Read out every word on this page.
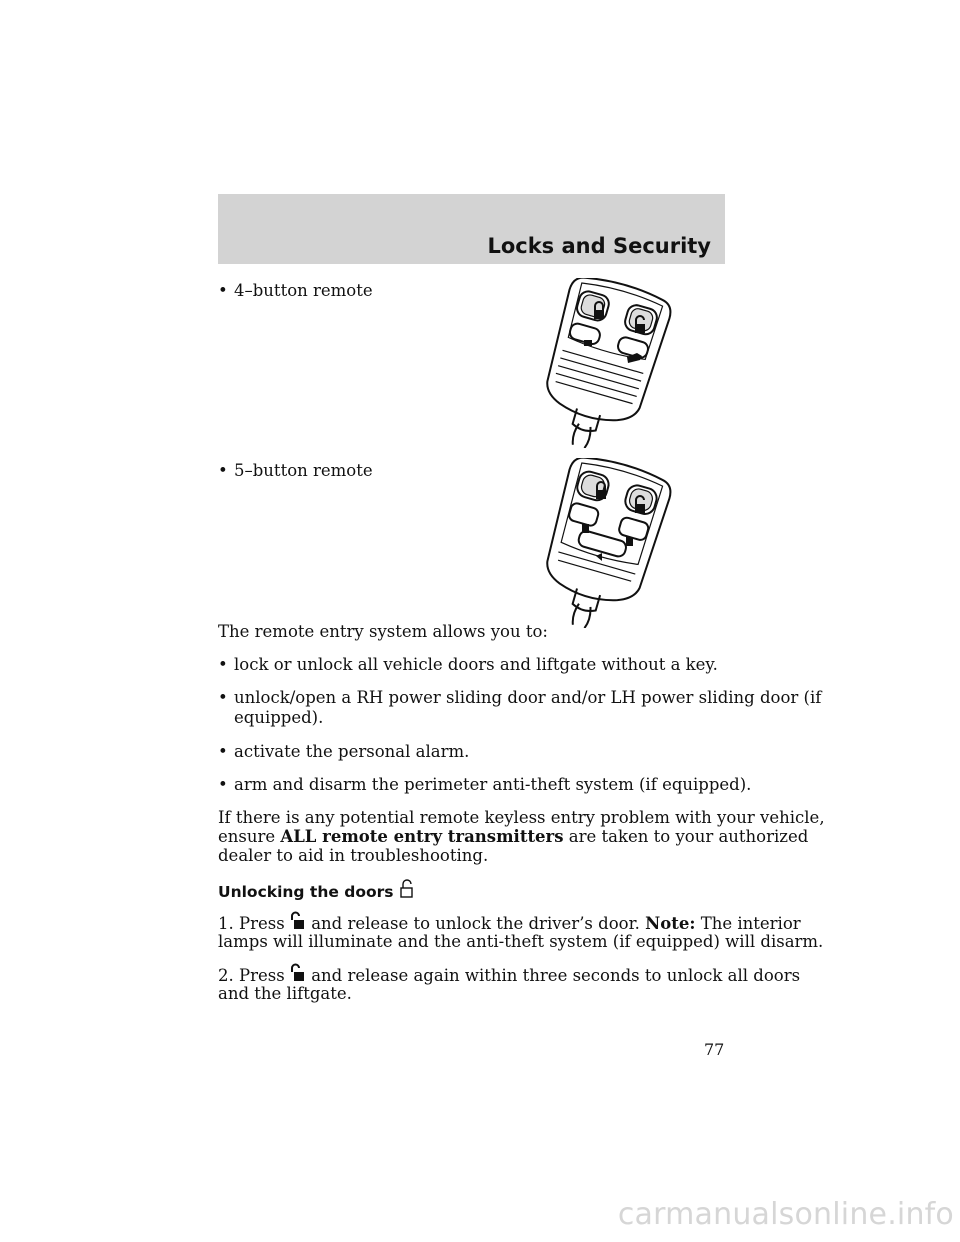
Locks and Security
• 4–button remote
• 5–button remote
The remote entry system allows you to:
• lock or unlock all vehicle doors and liftgate without a key.
• unlock/open a RH power sliding door and/or LH power sliding door (if
equipped).
• activate the personal alarm.
• arm and disarm the perimeter anti-theft system (if equipped).
If there is any potential remote keyless entry problem with your vehicle,
ensure ALL remote entry transmitters are taken to your authorized
dealer to aid in troubleshooting.
Unlocking the doors
1. Press and release to unlock the driver’s door. Note: The interior
lamps will illuminate and the anti-theft system (if equipped) will disarm.
2. Press and release again within three seconds to unlock all doors
and the liftgate.
77
carmanualsonline.info
